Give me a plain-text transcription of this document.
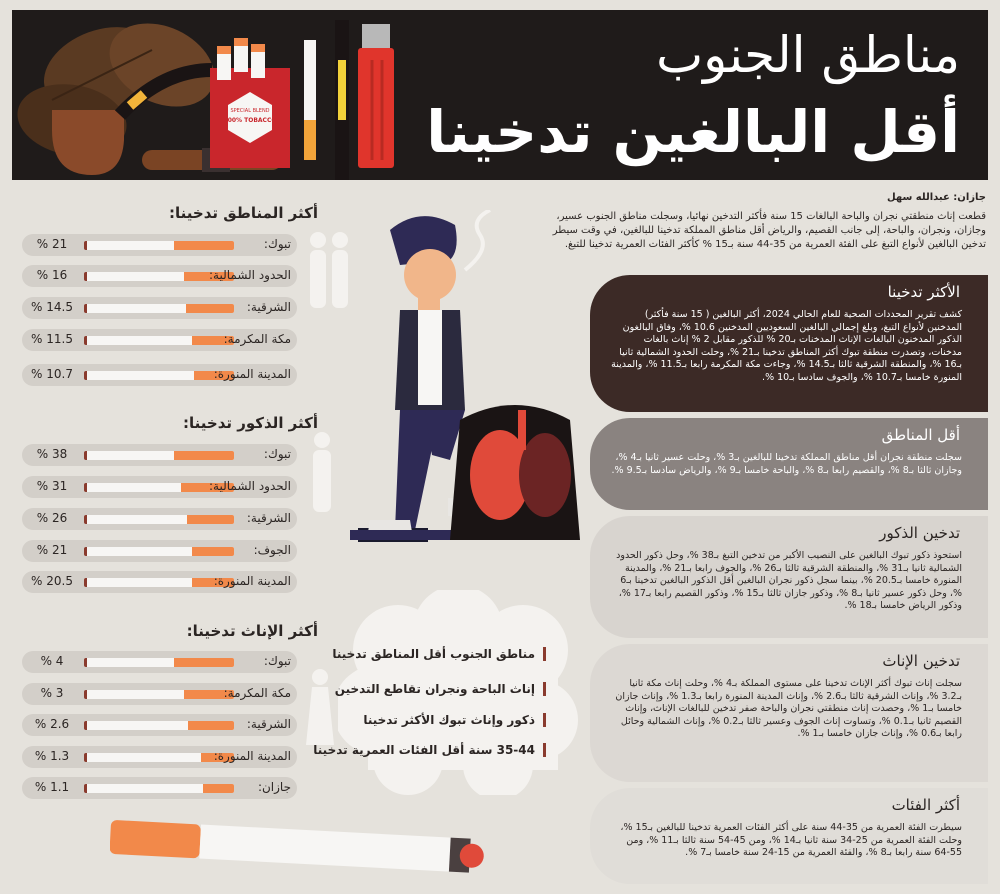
SPECIAL BLEND
100% TOBACCO
مناطق الجنوب
أقل البالغين تدخينا
جازان: عبدالله سهل
قطعت إناث منطقتي نجران والباحة البالغات 15 سنة فأكثر التدخين نهائيا، وسجلت مناطق الجنوب عسير، وجازان، ونجران، والباحة، إلى جانب القصيم، والرياض أقل مناطق المملكة تدخينا للبالغين، في وقت سيطر تدخين البالغين لأنواع التبغ على الفئة العمرية من 35-44 سنة بـ15 % كأكثر الفئات العمرية تدخينا للتبغ.
أكثر المناطق تدخينا:
21 %	تبوك:
16 %	الحدود الشمالية:
14.5 %	الشرقية:
11.5 %	مكة المكرمة:
10.7 %	المدينة المنورة:
أكثر الذكور تدخينا:
38 %	تبوك:
31 %	الحدود الشمالية:
26 %	الشرقية:
21 %	الجوف:
20.5 %	المدينة المنورة:
أكثر الإناث تدخينا:
4 %	تبوك:
3 %	مكة المكرمة:
2.6 %	الشرقية:
1.3 %	المدينة المنورة:
1.1 %	جازان:
مناطق الجنوب أقل المناطق تدخينا
إناث الباحة ونجران تقاطع التدخين
ذكور وإناث تبوك الأكثر تدخينا
35-44 سنة أقل الفئات العمرية تدخينا
الأكثر تدخينا

كشف تقرير المحددات الصحية للعام الحالي 2024، أكثر البالغين ( 15 سنة فأكثر) المدخنين لأنواع التبغ، وبلغ إجمالي البالغين السعوديين المدخنين 10.6 %، وفاق البالغون الذكور المدخنون البالغات الإناث المدخنات بـ20 % للذكور مقابل 2 % إناث بالغات مدخنات، وتصدرت منطقة تبوك أكثر المناطق تدخينا بـ21 %، وحلت الحدود الشمالية ثانيا بـ16 %، والمنطقة الشرقية ثالثا بـ14.5 %، وجاءت مكة المكرمة رابعا بـ11.5 %، والمدينة المنورة خامسا بـ10.7 %، والجوف سادسا بـ10 %.

أقل المناطق

سجلت منطقة نجران أقل مناطق المملكة تدخينا للبالغين بـ3 %، وحلت عسير ثانيا بـ4 %، وجازان ثالثا بـ8 %، والقصيم رابعا بـ8 %، والباحة خامسا بـ9 %، والرياض سادسا بـ9.5 %.

تدخين الذكور

استحوذ ذكور تبوك البالغين على النصيب الأكبر من تدخين التبغ بـ38 %، وحل ذكور الحدود الشمالية ثانيا بـ31 %، والمنطقة الشرقية ثالثا بـ26 %، والجوف رابعا بـ21 %، والمدينة المنورة خامسا بـ20.5 %، بينما سجل ذكور نجران البالغين أقل الذكور البالغين تدخينا بـ6 %، وحل ذكور عسير ثانيا بـ8 %، وذكور جازان ثالثا بـ15 %، وذكور القصيم رابعا بـ17 %، وذكور الرياض خامسا بـ18 %.

تدخين الإناث

سجلت إناث تبوك أكثر الإناث تدخينا على مستوى المملكة بـ4 %، وحلت إناث مكة ثانيا بـ3.2 %، وإناث الشرقية ثالثا بـ2.6 %، وإناث المدينة المنورة رابعا بـ1.3 %، وإناث جازان خامسا بـ1 %، وحصدت إناث منطقتي نجران والباحة صفر تدخين للبالغات الإناث، وإناث القصيم ثانيا بـ0.1 %، وتساوت إناث الجوف وعسير ثالثا بـ0.2 %، وإناث الشمالية وحائل رابعا بـ0.6 %، وإناث جازان خامسا بـ1 %.

أكثر الفئات

سيطرت الفئة العمرية من 35-44 سنة على أكثر الفئات العمرية تدخينا للبالغين بـ15 %، وحلت الفئة العمرية من 25-34 سنة ثانيا بـ14 %، ومن 45-54 سنة ثالثا بـ11 %، ومن 55-64 سنة رابعا بـ8 %، والفئة العمرية من 15-24 سنة خامسا بـ7 %.
